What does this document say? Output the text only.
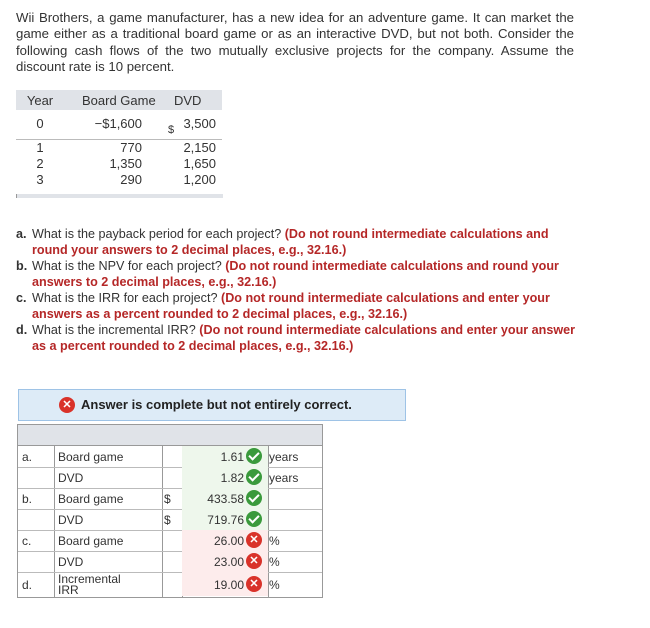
Wii Brothers, a game manufacturer, has a new idea for an adventure game. It can market the game either as a traditional board game or as an interactive DVD, but not both. Consider the following cash flows of the two mutually exclusive projects for the company. Assume the discount rate is 10 percent.
Year	Board Game	DVD
0	−$1,600 $ 3,500
1	770	2,150
2	1,350	1,650
3	290	1,200

a. What is the payback period for each project? (Do not round intermediate calculations and round your answers to 2 decimal places, e.g., 32.16.)

b. What is the NPV for each project? (Do not round intermediate calculations and round your answers to 2 decimal places, e.g., 32.16.)

c. What is the IRR for each project? (Do not round intermediate calculations and enter your answers as a percent rounded to 2 decimal places, e.g., 32.16.)

d. What is the incremental IRR? (Do not round intermediate calculations and enter your answer as a percent rounded to 2 decimal places, e.g., 32.16.)

✕ Answer is complete but not entirely correct.
a. Board game	1.61 years
DVD	1.82 years
b. Board game	$	433.58
DVD	$	719.76
c. Board game	26.00 ✕ %
DVD	23.00 ✕ %
d. Incremental
IRR	19.00 ✕ %
